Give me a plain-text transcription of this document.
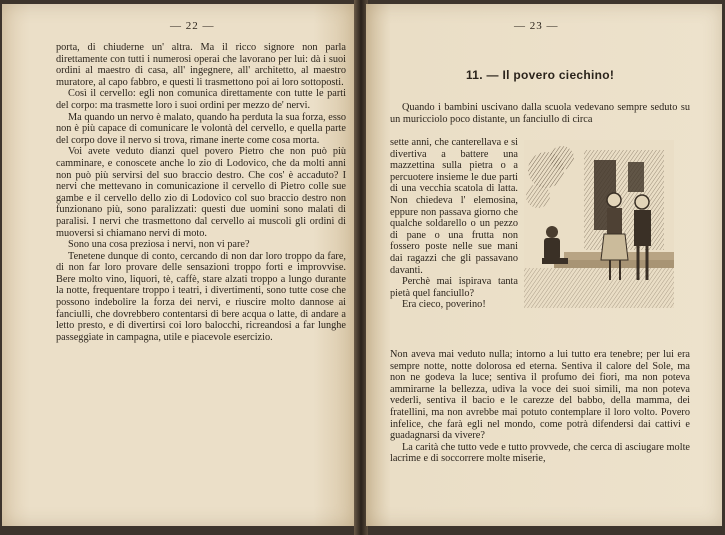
— 22 —

porta, di chiuderne un' altra. Ma il ricco signore non parla direttamente con tutti i numerosi operai che lavorano per lui: dà i suoi ordini al maestro di casa, all' ingegnere, all' architetto, al maestro muratore, al capo fabbro, e questi li trasmettono poi ai loro sottoposti.

Così il cervello: egli non comunica direttamente con tutte le parti del corpo: ma trasmette loro i suoi ordini per mezzo de' nervi.

Ma quando un nervo è malato, quando ha perduta la sua forza, esso non è più capace di comunicare le volontà del cervello, e quella parte del corpo dove il nervo si trova, rimane inerte come cosa morta.

Voi avete veduto dianzi quel povero Pietro che non può più camminare, e conoscete anche lo zio di Lodovico, che da molti anni non può più servirsi del suo braccio destro. Che cos' è accaduto? I nervi che mettevano in comunicazione il cervello di Pietro colle sue gambe e il cervello dello zio di Lodovico col suo braccio destro non funzionano più, sono paralizzati: questi due uomini sono malati di paralisi. I nervi che trasmettono dal cervello ai muscoli gli ordini di muoversi si chiamano nervi di moto.

Sono una cosa preziosa i nervi, non vi pare?

Tenetene dunque di conto, cercando di non dar loro troppo da fare, di non far loro provare delle sensazioni troppo forti e improvvise. Bere molto vino, liquori, tè, caffè, stare alzati troppo a lungo durante la notte, frequentare troppo i teatri, i divertimenti, sono tutte cose che possono indebolire la forza dei nervi, e riuscire molto dannose ai fanciulli, che dovrebbero contentarsi di bere acqua o latte, di andare a letto presto, e di divertirsi coi loro balocchi, ricreandosi a far lunghe passeggiate in campagna, utile e piacevole esercizio.

— 23 —
11. — Il povero ciechino!

Quando i bambini uscivano dalla scuola vedevano sempre seduto su un muricciolo poco distante, un fanciullo di circa

sette anni, che canterellava e si divertiva a battere una mazzettina sulla pietra o a percuotere insieme le due parti di una vecchia scatola di latta. Non chiedeva l' elemosina, eppure non passava giorno che qualche soldarello o un pezzo di pane o una frutta non fossero poste nelle sue mani dai ragazzi che gli passavano davanti.

Perchè mai ispirava tanta pietà quel fanciullo?

Era cieco, poverino!

Non aveva mai veduto nulla; intorno a lui tutto era tenebre; per lui era sempre notte, notte dolorosa ed eterna. Sentiva il calore del Sole, ma non ne godeva la luce; sentiva il profumo dei fiori, ma non poteva ammirarne la bellezza, udiva la voce dei suoi simili, ma non poteva vederli, sentiva il bacio e le carezze del babbo, della mamma, dei fratellini, ma non avrebbe mai potuto contemplare il loro volto. Povero infelice, che farà egli nel mondo, come potrà difendersi dai cattivi e guadagnarsi da vivere?

La carità che tutto vede e tutto provvede, che cerca di asciugare molte lacrime e di soccorrere molte miserie,
